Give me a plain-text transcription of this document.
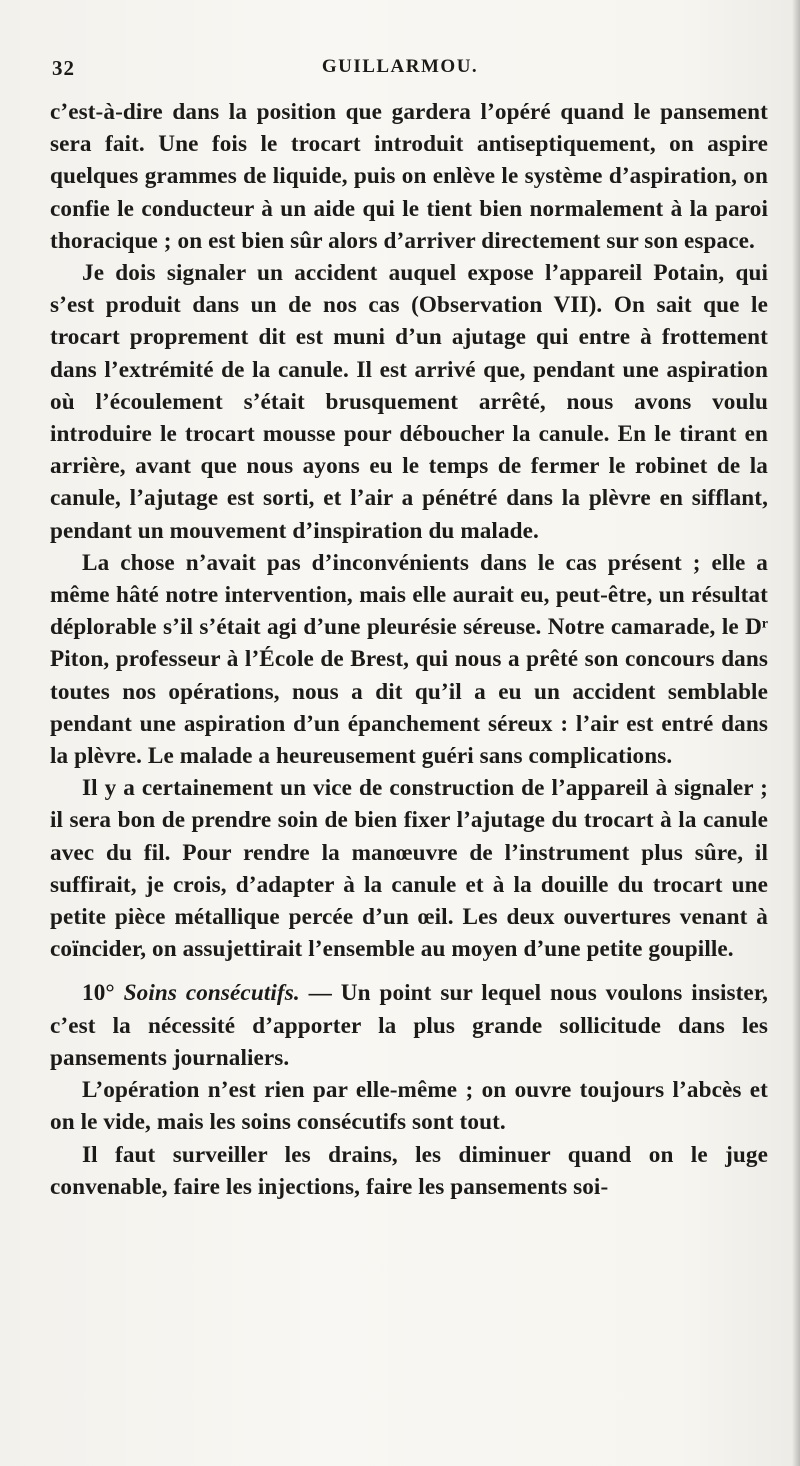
32	GUILLARMOU.

c’est-à-dire dans la position que gardera l’opéré quand le pansement sera fait. Une fois le trocart introduit antiseptiquement, on aspire quelques grammes de liquide, puis on enlève le système d’aspiration, on confie le conducteur à un aide qui le tient bien normalement à la paroi thoracique ; on est bien sûr alors d’arriver directement sur son espace.

Je dois signaler un accident auquel expose l’appareil Potain, qui s’est produit dans un de nos cas (Observation VII). On sait que le trocart proprement dit est muni d’un ajutage qui entre à frottement dans l’extrémité de la canule. Il est arrivé que, pendant une aspiration où l’écoulement s’était brusquement arrêté, nous avons voulu introduire le trocart mousse pour déboucher la canule. En le tirant en arrière, avant que nous ayons eu le temps de fermer le robinet de la canule, l’ajutage est sorti, et l’air a pénétré dans la plèvre en sifflant, pendant un mouvement d’inspiration du malade.

La chose n’avait pas d’inconvénients dans le cas présent ; elle a même hâté notre intervention, mais elle aurait eu, peut-être, un résultat déplorable s’il s’était agi d’une pleurésie séreuse. Notre camarade, le Dʳ Piton, professeur à l’École de Brest, qui nous a prêté son concours dans toutes nos opérations, nous a dit qu’il a eu un accident semblable pendant une aspiration d’un épanchement séreux : l’air est entré dans la plèvre. Le malade a heureusement guéri sans complications.

Il y a certainement un vice de construction de l’appareil à signaler ; il sera bon de prendre soin de bien fixer l’ajutage du trocart à la canule avec du fil. Pour rendre la manœuvre de l’instrument plus sûre, il suffirait, je crois, d’adapter à la canule et à la douille du trocart une petite pièce métallique percée d’un œil. Les deux ouvertures venant à coïncider, on assujettirait l’ensemble au moyen d’une petite goupille.

10° Soins consécutifs. — Un point sur lequel nous voulons insister, c’est la nécessité d’apporter la plus grande sollicitude dans les pansements journaliers.

L’opération n’est rien par elle-même ; on ouvre toujours l’abcès et on le vide, mais les soins consécutifs sont tout.

Il faut surveiller les drains, les diminuer quand on le juge convenable, faire les injections, faire les pansements soi-
